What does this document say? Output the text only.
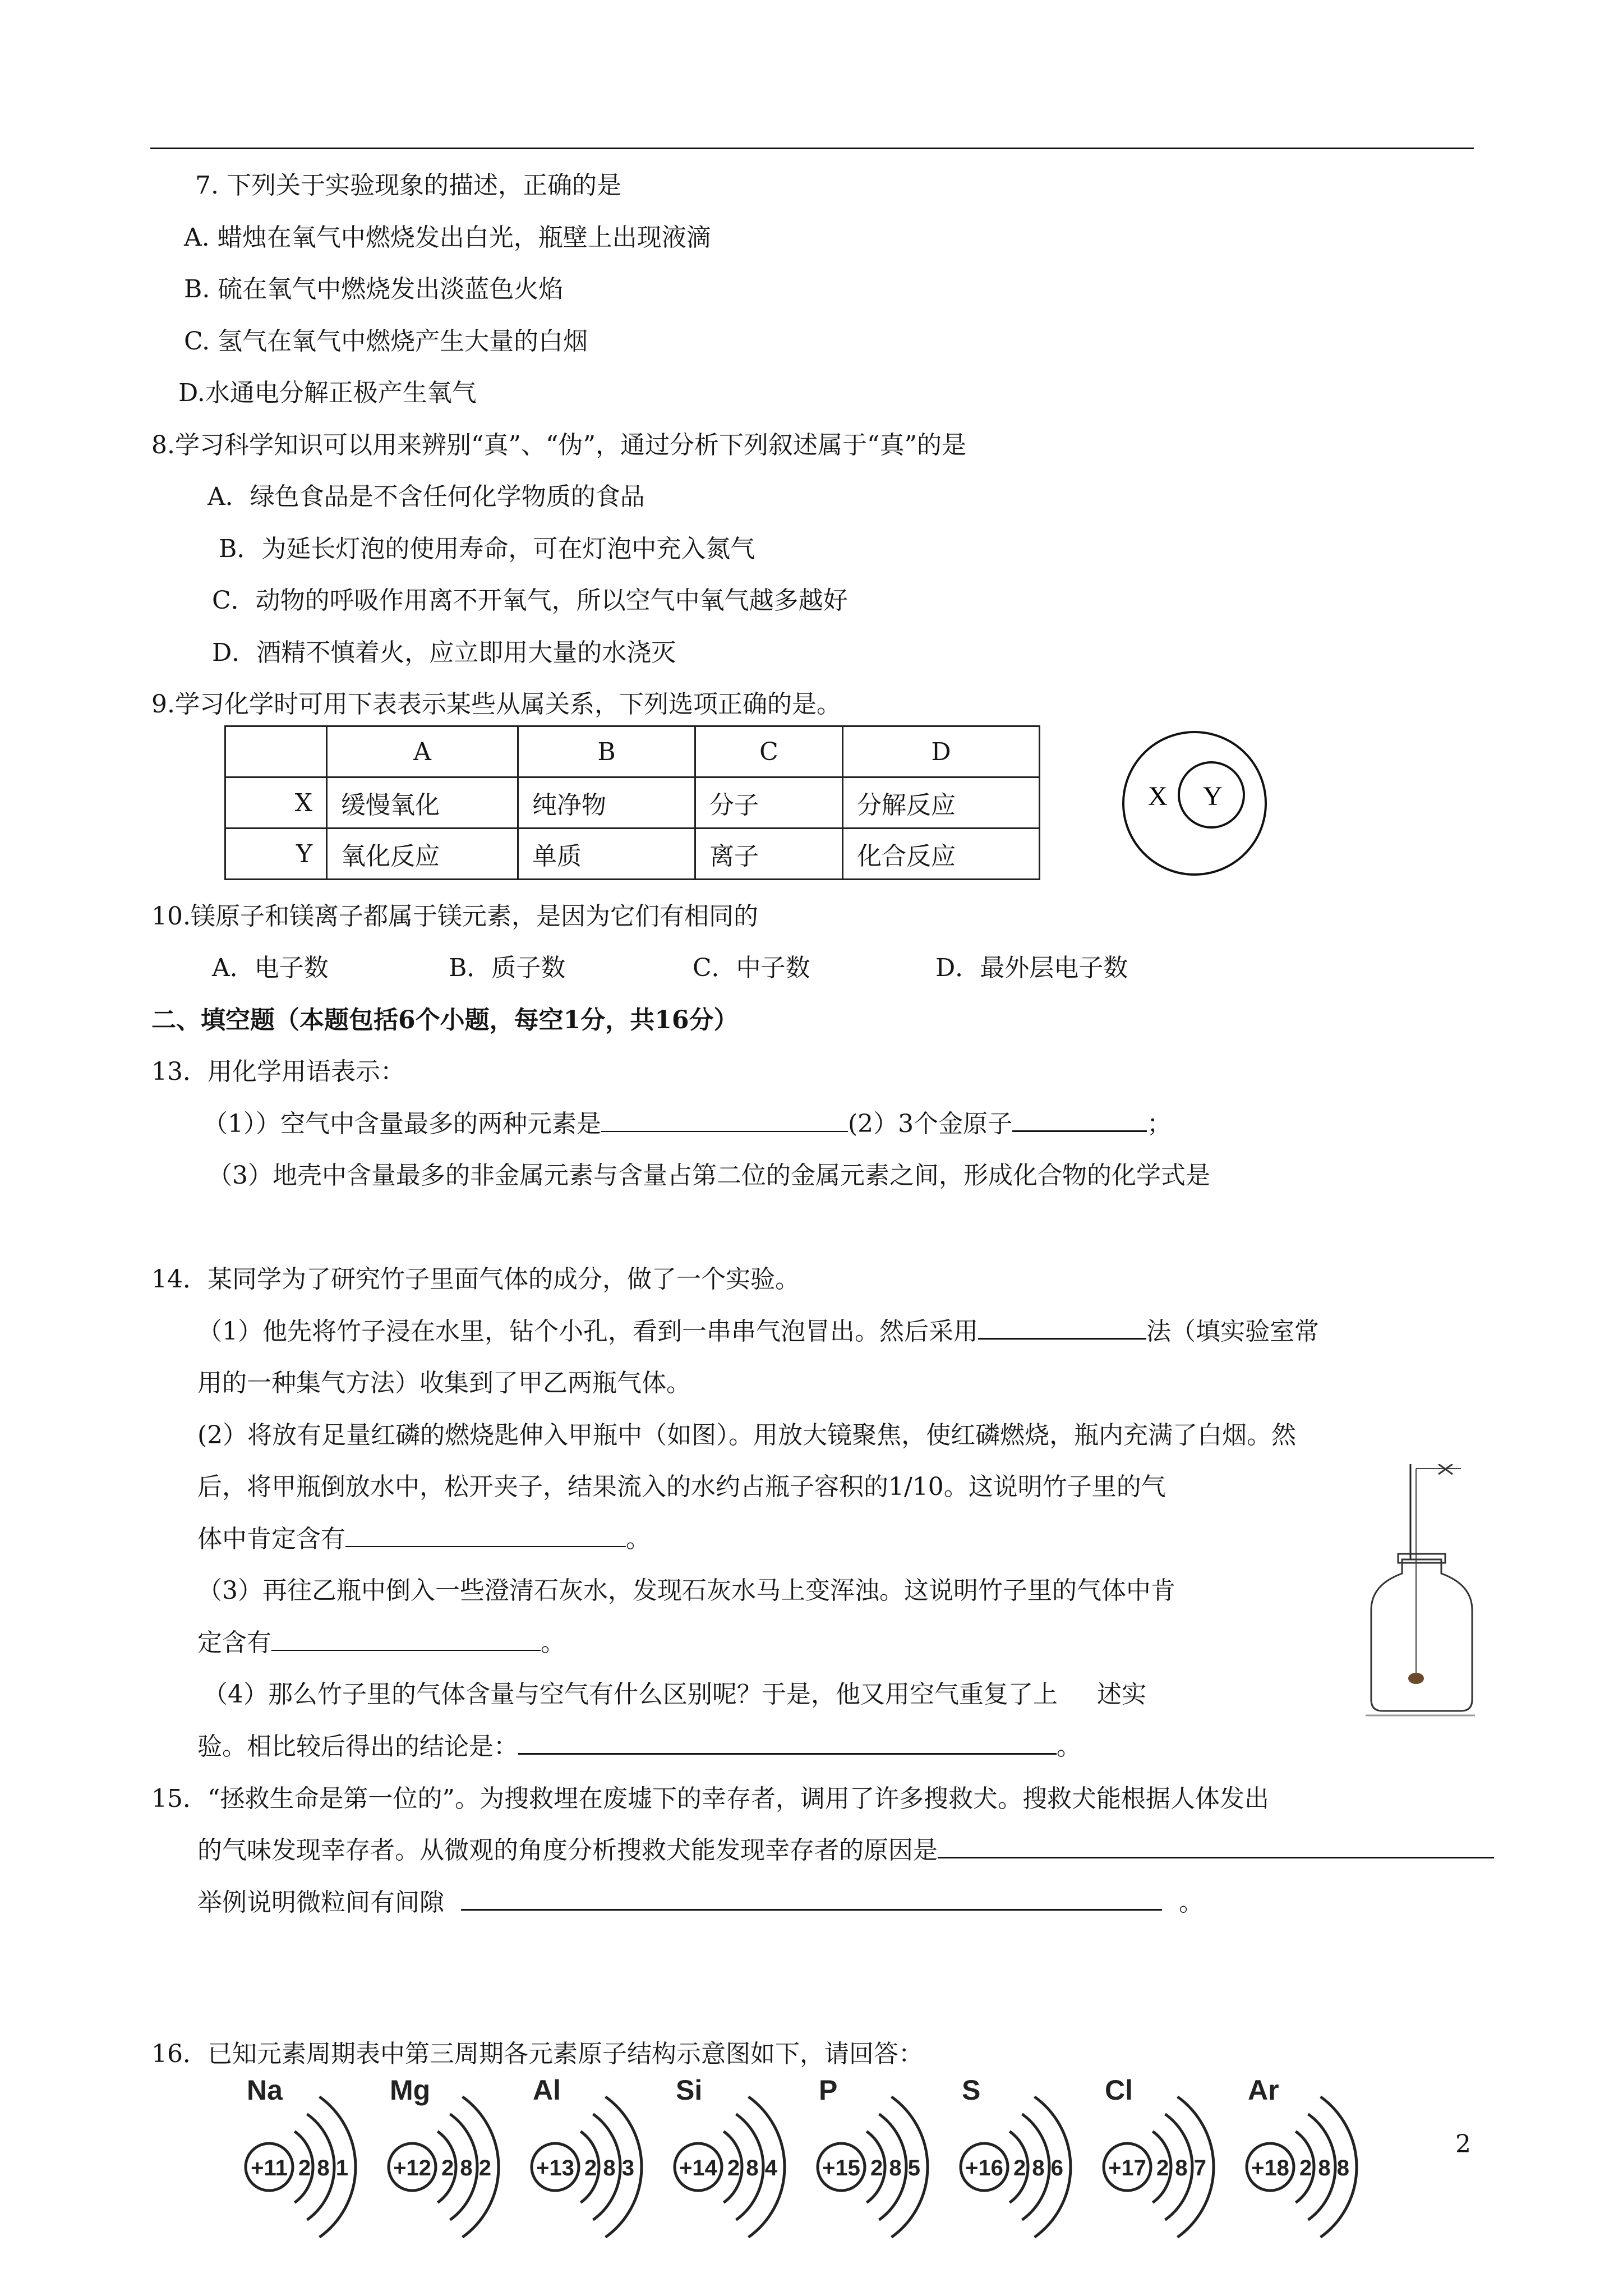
7. 下列关于实验现象的描述，正确的是
A. 蜡烛在氧气中燃烧发出白光，瓶壁上出现液滴
B. 硫在氧气中燃烧发出淡蓝色火焰
C. 氢气在氧气中燃烧产生大量的白烟
D.水通电分解正极产生氧气
8.学习科学知识可以用来辨别“真”、“伪”，通过分析下列叙述属于“真”的是
A．绿色食品是不含任何化学物质的食品
B．为延长灯泡的使用寿命，可在灯泡中充入氮气
C．动物的呼吸作用离不开氧气，所以空气中氧气越多越好
D．酒精不慎着火，应立即用大量的水浇灭
9.学习化学时可用下表表示某些从属关系，下列选项正确的是。
	A	B	C	D
X	缓慢氧化	纯净物	分子	分解反应
Y	氧化反应	单质	离子	化合反应
X Y
10.镁原子和镁离子都属于镁元素，是因为它们有相同的
A．电子数	B．质子数	C．中子数	D．最外层电子数
二、填空题（本题包括6个小题，每空1分，共16分）
13．用化学用语表示：
（1））空气中含量最多的两种元素是	(2）3个金原子	；
（3）地壳中含量最多的非金属元素与含量占第二位的金属元素之间，形成化合物的化学式是
14．某同学为了研究竹子里面气体的成分，做了一个实验。
（1）他先将竹子浸在水里，钻个小孔，看到一串串气泡冒出。然后采用	法（填实验室常
用的一种集气方法）收集到了甲乙两瓶气体。
(2）将放有足量红磷的燃烧匙伸入甲瓶中（如图）。用放大镜聚焦，使红磷燃烧，瓶内充满了白烟。然
后，将甲瓶倒放水中，松开夹子，结果流入的水约占瓶子容积的1/10。这说明竹子里的气
体中肯定含有	。
（3）再往乙瓶中倒入一些澄清石灰水，发现石灰水马上变浑浊。这说明竹子里的气体中肯
定含有	。
（4）那么竹子里的气体含量与空气有什么区别呢？于是，他又用空气重复了上 述实
验。相比较后得出的结论是：	。
15．“拯救生命是第一位的”。为搜救埋在废墟下的幸存者，调用了许多搜救犬。搜救犬能根据人体发出
的气味发现幸存者。从微观的角度分析搜救犬能发现幸存者的原因是
举例说明微粒间有间隙	。
16．已知元素周期表中第三周期各元素原子结构示意图如下，请回答：
Na
+11 2 8 1
Mg
+12 2 8 2
Al
+13 2 8 3
Si
+14 2 8 4
P
+15 2 8 5
S
+16 2 8 6
Cl
+17 2 8 7
Ar
+18 2 8 8
2
